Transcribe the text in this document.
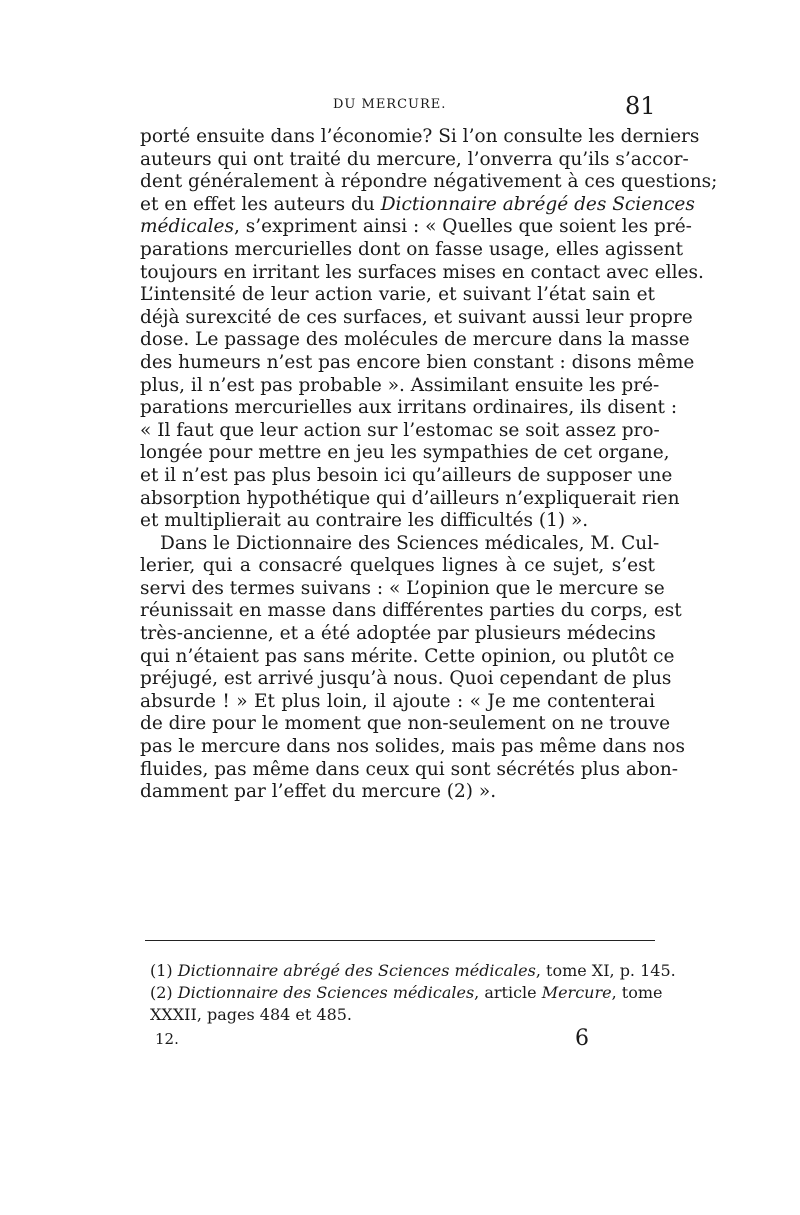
DU MERCURE.	81
porté ensuite dans l’économie? Si l’on consulte les derniers
auteurs qui ont traité du mercure, l’onverra qu’ils s’accor-
dent généralement à répondre négativement à ces questions;
et en effet les auteurs du Dictionnaire abrégé des Sciences
médicales, s’expriment ainsi : « Quelles que soient les pré-
parations mercurielles dont on fasse usage, elles agissent
toujours en irritant les surfaces mises en contact avec elles.
L’intensité de leur action varie, et suivant l’état sain et
déjà surexcité de ces surfaces, et suivant aussi leur propre
dose. Le passage des molécules de mercure dans la masse
des humeurs n’est pas encore bien constant : disons même
plus, il n’est pas probable ». Assimilant ensuite les pré-
parations mercurielles aux irritans ordinaires, ils disent :
« Il faut que leur action sur l’estomac se soit assez pro-
longée pour mettre en jeu les sympathies de cet organe,
et il n’est pas plus besoin ici qu’ailleurs de supposer une
absorption hypothétique qui d’ailleurs n’expliquerait rien
et multiplierait au contraire les difficultés (1) ».
Dans le Dictionnaire des Sciences médicales, M. Cul-
lerier, qui a consacré quelques lignes à ce sujet, s’est
servi des termes suivans : « L’opinion que le mercure se
réunissait en masse dans différentes parties du corps, est
très-ancienne, et a été adoptée par plusieurs médecins
qui n’étaient pas sans mérite. Cette opinion, ou plutôt ce
préjugé, est arrivé jusqu’à nous. Quoi cependant de plus
absurde ! » Et plus loin, il ajoute : « Je me contenterai
de dire pour le moment que non-seulement on ne trouve
pas le mercure dans nos solides, mais pas même dans nos
fluides, pas même dans ceux qui sont sécrétés plus abon-
damment par l’effet du mercure (2) ».
(1) Dictionnaire abrégé des Sciences médicales, tome XI, p. 145.
(2) Dictionnaire des Sciences médicales, article Mercure, tome
XXXII, pages 484 et 485.
12.	6
